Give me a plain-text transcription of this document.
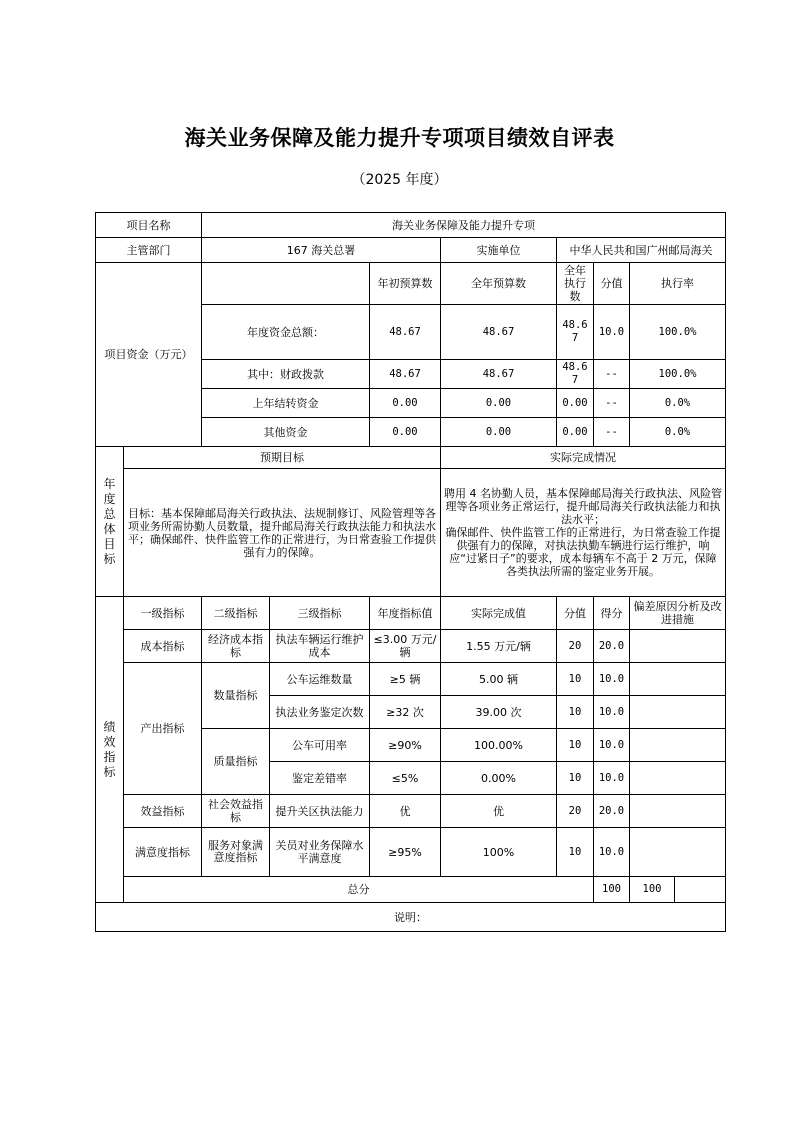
海关业务保障及能力提升专项项目绩效自评表
（2025 年度）
项目名称		海关业务保障及能力提升专项								
主管部门		167 海关总署			实施单位	中华人民共和国广州邮局海关				
项目资金（万元）				年初预算数	全年预算数	全年执行数	分值	执行率	
		年度资金总额：		48.67	48.67	48.67	10.0	100.0%	
		其中：财政拨款		48.67	48.67	48.67	--	100.0%	
		上年结转资金		0.00	0.00	0.00	--	0.0%	
		其他资金		0.00	0.00	0.00	--	0.0%	
年度总体目标	预期目标				实际完成情况					
	目标：基本保障邮局海关行政执法、法规制修订、风险管理等各项业务所需协勤人员数量，提升邮局海关行政执法能力和执法水平；确保邮件、快件监管工作的正常进行，为日常查验工作提供强有力的保障。				聘用 4 名协勤人员，基本保障邮局海关行政执法、风险管理等各项业务正常运行，提升邮局海关行政执法能力和执法水平；
确保邮件、快件监管工作的正常进行，为日常查验工作提供强有力的保障，对执法执勤车辆进行运行维护，响应“过紧日子”的要求，成本每辆车不高于 2 万元，保障各类执法所需的鉴定业务开展。					

绩效指标	一级指标	二级指标	三级指标	年度指标值	实际完成值	分值	得分	偏差原因分析及改进措施		
	成本指标	经济成本指标	执法车辆运行维护成本	≤3.00 万元/辆	1.55 万元/辆	20	20.0			
	产出指标	数量指标	公车运维数量	≥5 辆	5.00 辆	10	10.0			
			执法业务鉴定次数	≥32 次	39.00 次	10	10.0			
		质量指标	公车可用率	≥90%	100.00%	10	10.0			
			鉴定差错率	≤5%	0.00%	10	10.0			
	效益指标	社会效益指标	提升关区执法能力	优	优	20	20.0			
	满意度指标	服务对象满意度指标	关员对业务保障水平满意度	≥95%	100%	10	10.0			
	总分						100	100		
说明：										
